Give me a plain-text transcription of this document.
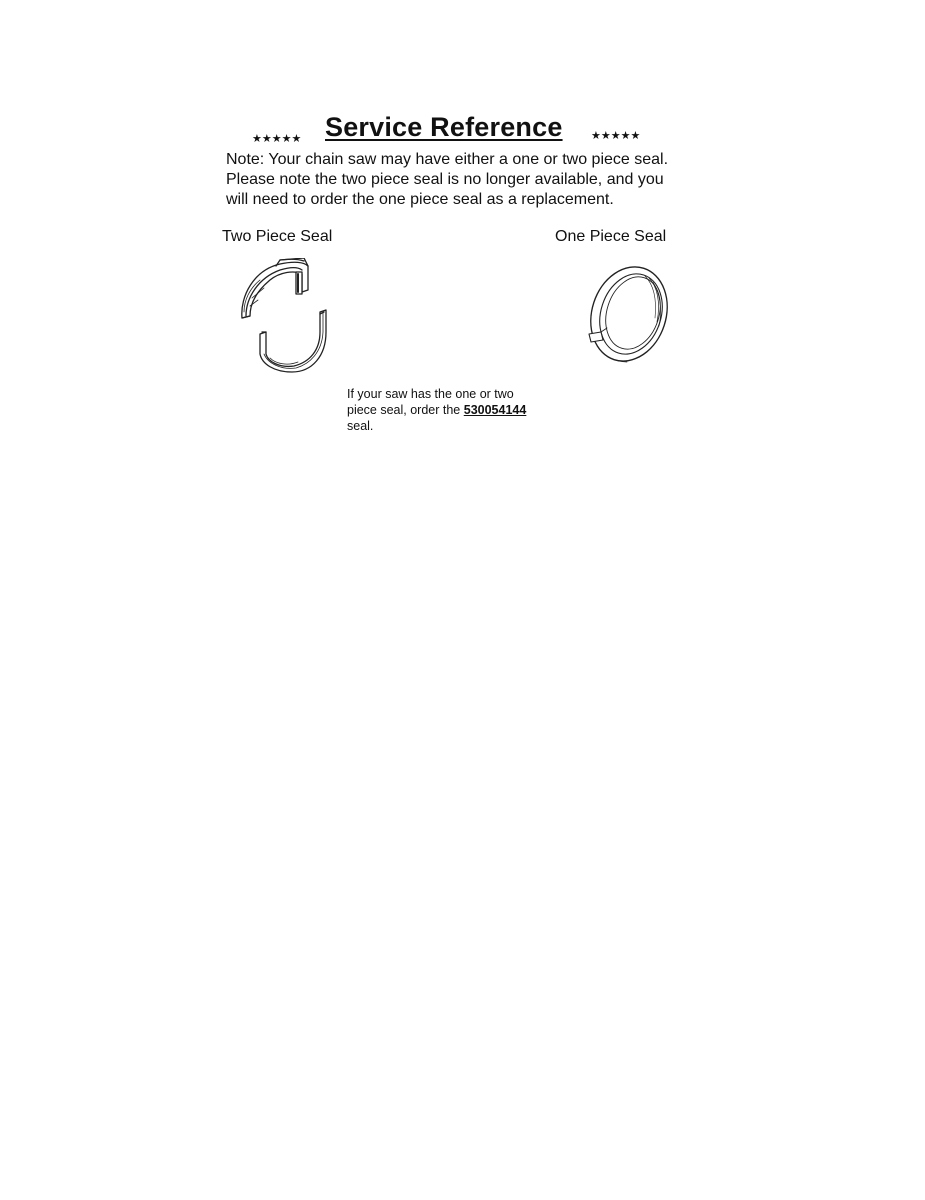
★★★★★ Service Reference	★★★★★
Note: Your chain saw may have either a one or two piece seal.
Please note the two piece seal is no longer available, and you
will need to order the one piece seal as a replacement.
Two Piece Seal	One Piece Seal
If your saw has the one or two
piece seal, order the 530054144
seal.
